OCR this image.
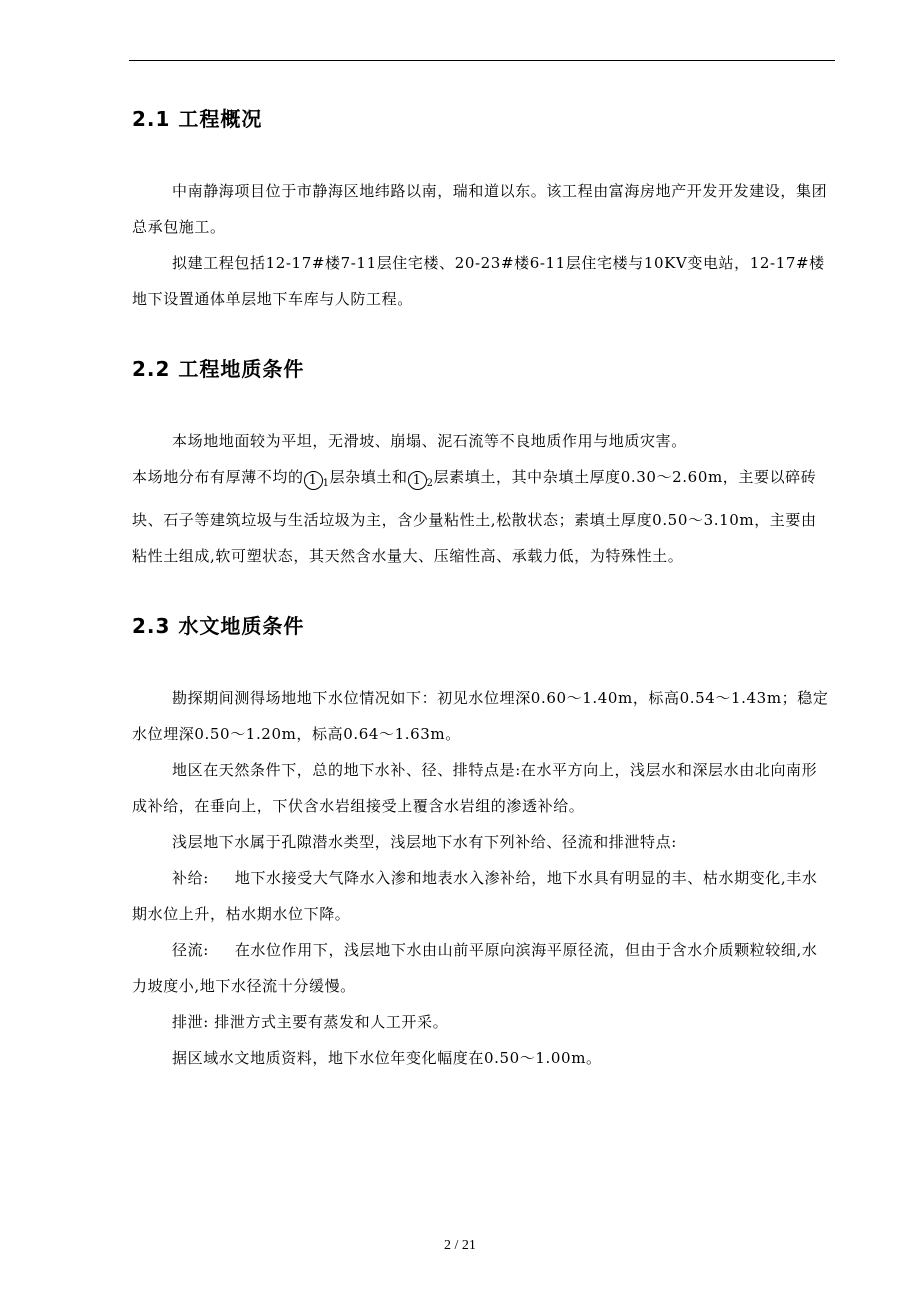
2.1 工程概况

中南静海项目位于市静海区地纬路以南，瑞和道以东。该工程由富海房地产开发开发建设，集团总承包施工。

拟建工程包括12-17#楼7-11层住宅楼、20-23#楼6-11层住宅楼与10KV变电站，12-17#楼地下设置通体单层地下车库与人防工程。

2.2 工程地质条件

本场地地面较为平坦，无滑坡、崩塌、泥石流等不良地质作用与地质灾害。

本场地分布有厚薄不均的 1 $_1$层杂填土和 1 $_2$层素填土，其中杂填土厚度0.30～2.60m，主要以碎砖块、石子等建筑垃圾与生活垃圾为主，含少量粘性土,松散状态；素填土厚度0.50～3.10m，主要由粘性土组成,软可塑状态，其天然含水量大、压缩性高、承载力低，为特殊性土。

2.3 水文地质条件

勘探期间测得场地地下水位情况如下：初见水位埋深0.60～1.40m，标高0.54～1.43m；稳定水位埋深0.50～1.20m，标高0.64～1.63m。

地区在天然条件下，总的地下水补、径、排特点是:在水平方向上，浅层水和深层水由北向南形成补给，在垂向上，下伏含水岩组接受上覆含水岩组的渗透补给。

浅层地下水属于孔隙潜水类型，浅层地下水有下列补给、径流和排泄特点:

补给: 地下水接受大气降水入渗和地表水入渗补给，地下水具有明显的丰、枯水期变化,丰水期水位上升，枯水期水位下降。

径流: 在水位作用下，浅层地下水由山前平原向滨海平原径流，但由于含水介质颗粒较细,水力坡度小,地下水径流十分缓慢。

排泄: 排泄方式主要有蒸发和人工开采。

据区域水文地质资料，地下水位年变化幅度在0.50～1.00m。

2 / 21
